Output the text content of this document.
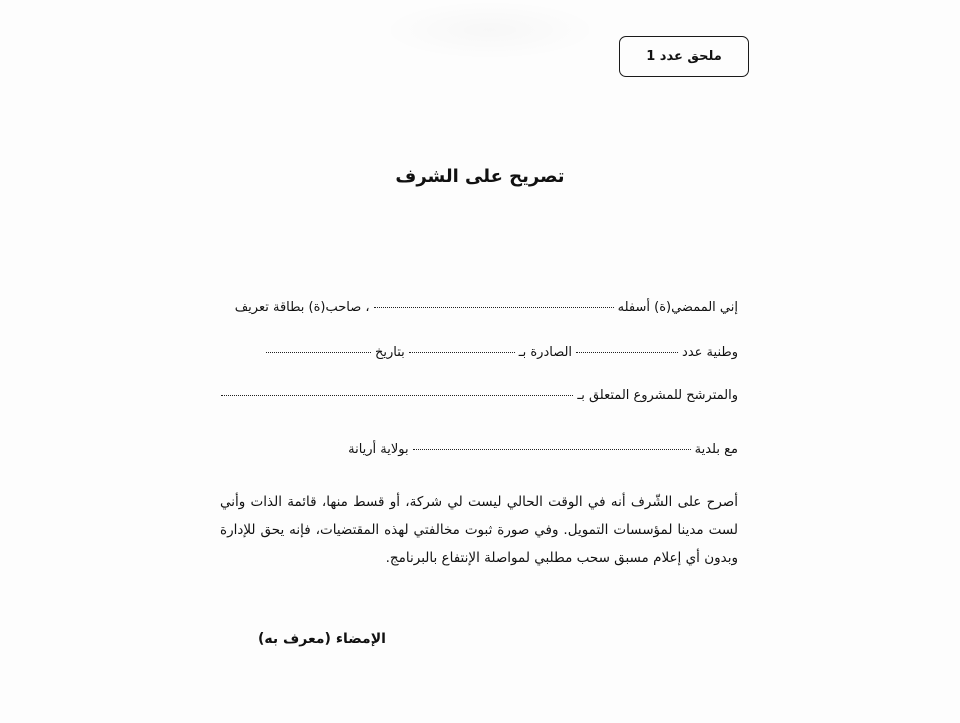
ملحق عدد 1
تصريح على الشرف
إني الممضي(ة) أسفله
، صاحب(ة) بطاقة تعريف
وطنية عدد
الصادرة بـ
بتاريخ
والمترشح للمشروع المتعلق بـ
مع بلدية
بولاية أريانة

أصرح على الشّرف أنه في الوقت الحالي ليست لي شركة، أو قسط منها، قائمة الذات وأني لست مدينا لمؤسسات التمويل. وفي صورة ثبوت مخالفتي لهذه المقتضيات، فإنه يحق للإدارة وبدون أي إعلام مسبق سحب مطلبي لمواصلة الإنتفاع بالبرنامج.

الإمضاء (معرف به)
